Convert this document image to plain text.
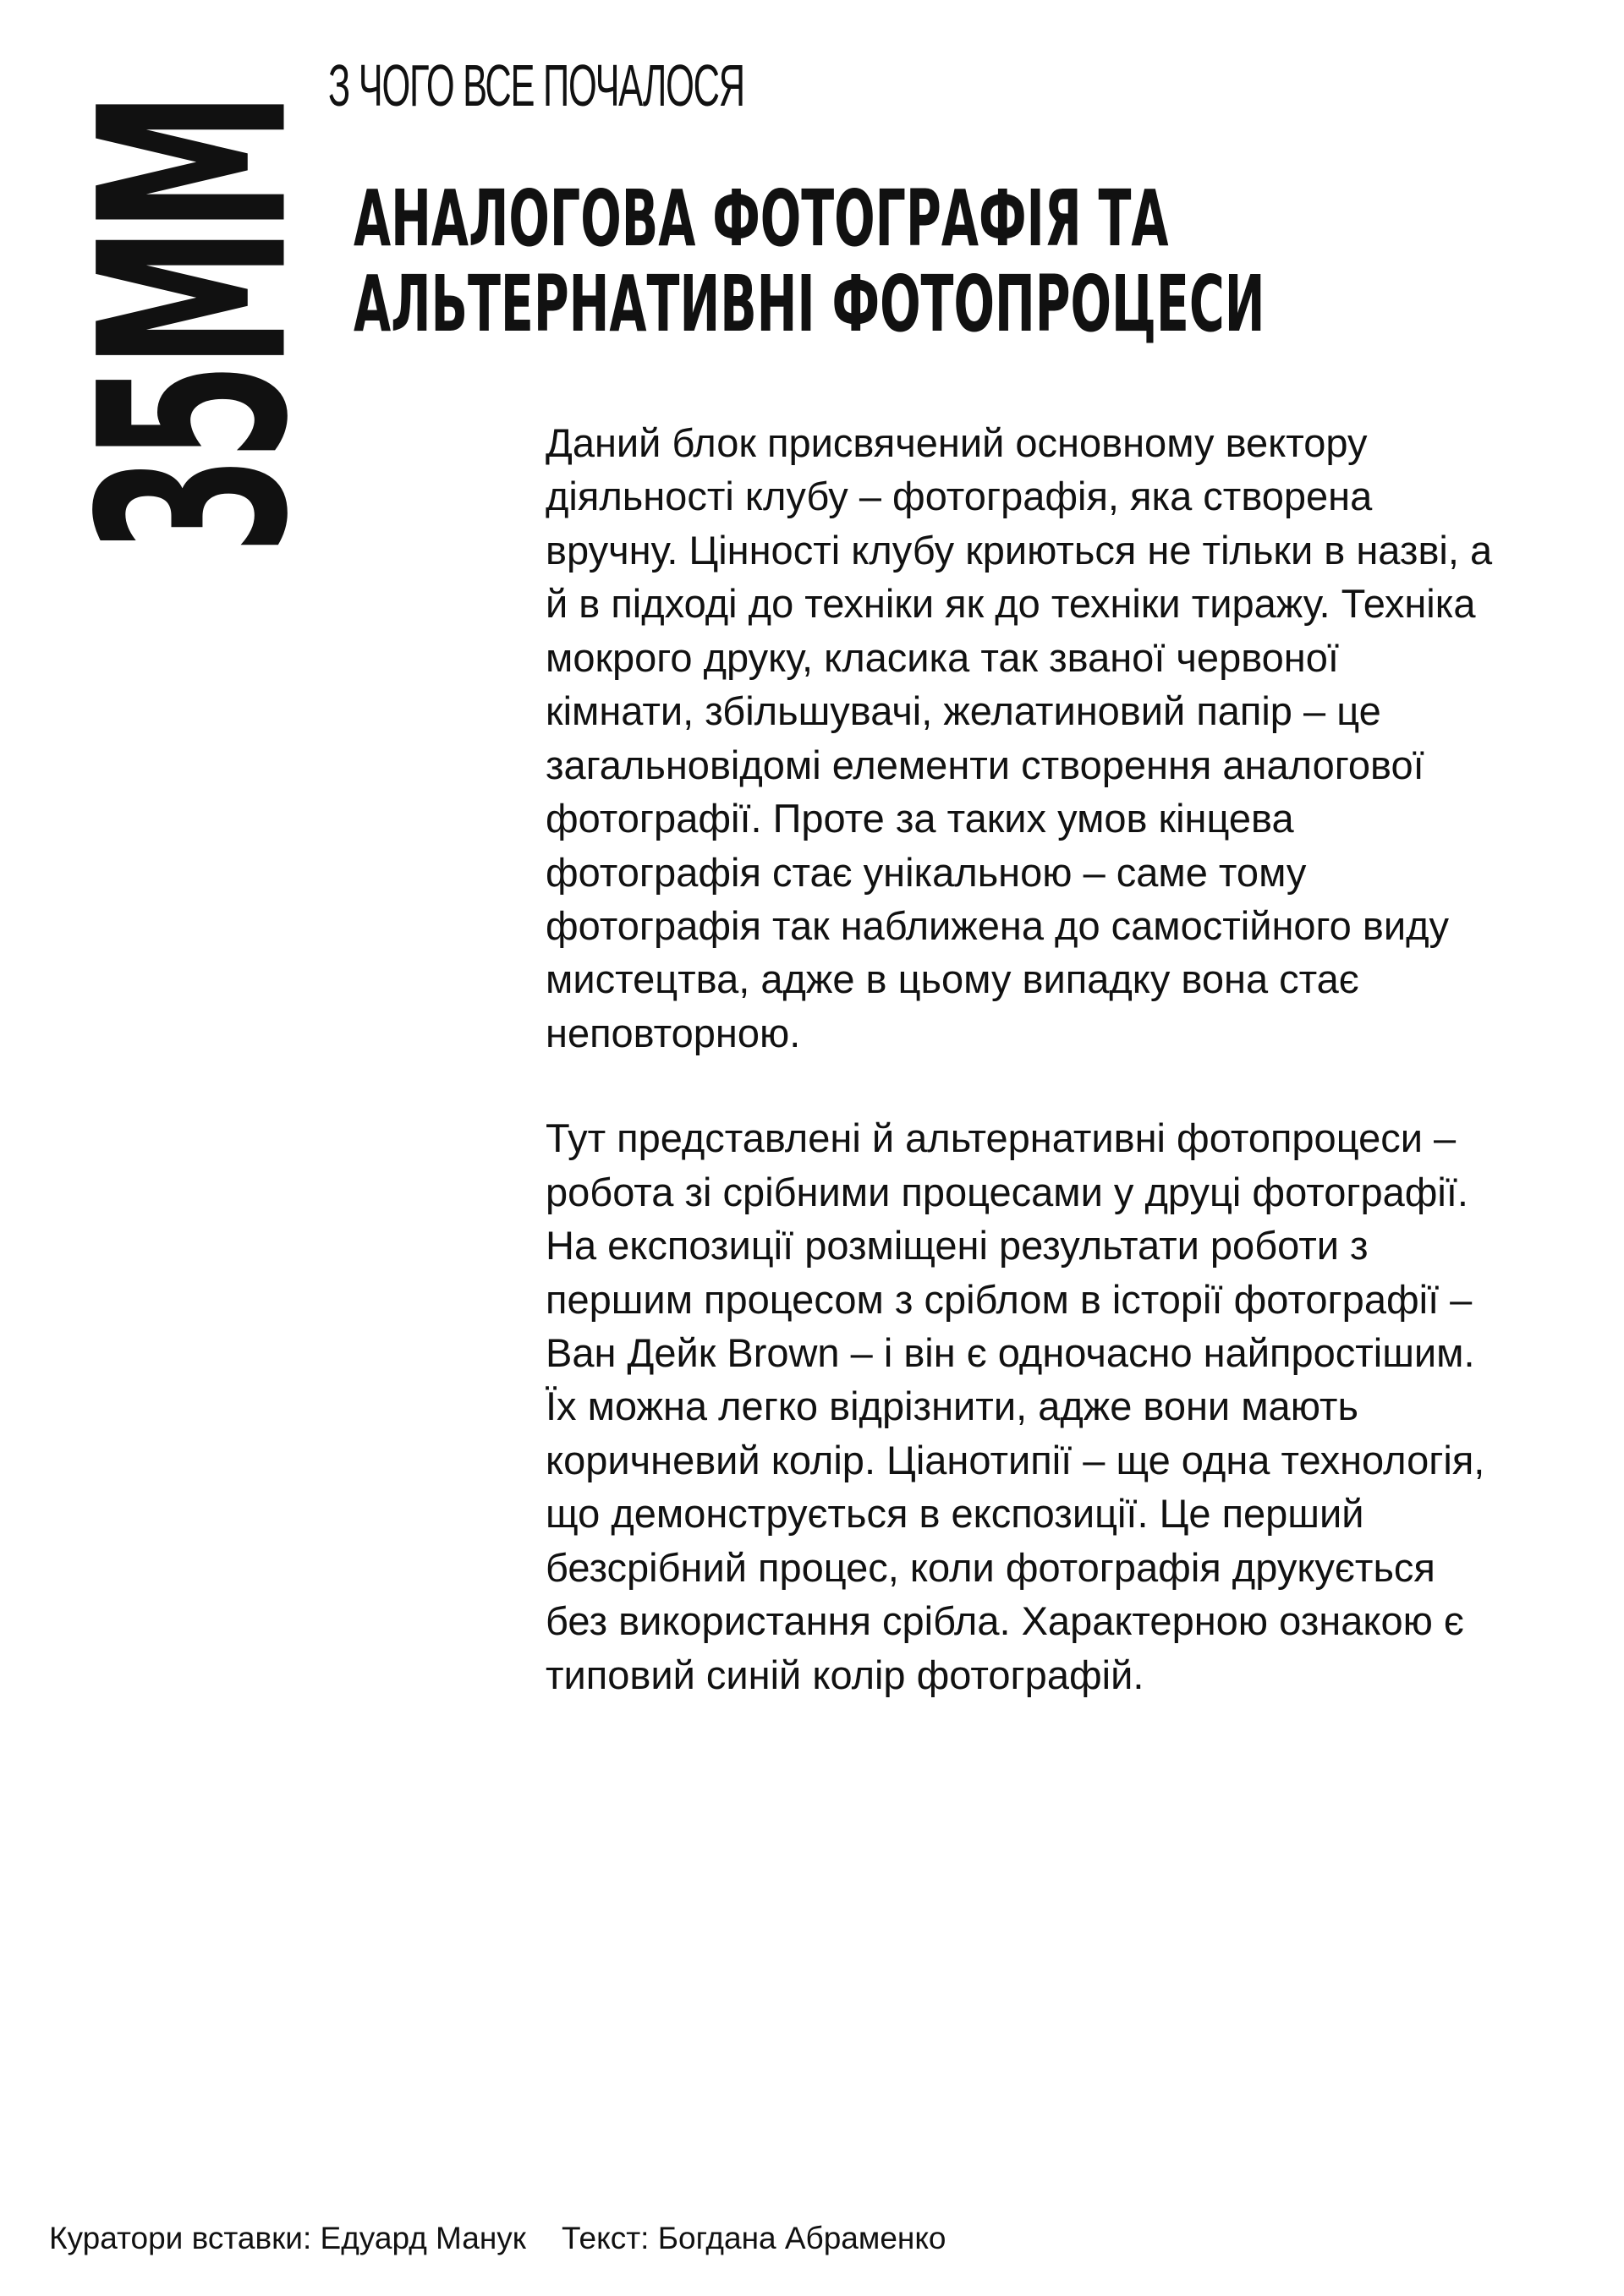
35ММ
З ЧОГО ВСЕ ПОЧАЛОСЯ
АНАЛОГОВА ФОТОГРАФІЯ ТА
АЛЬТЕРНАТИВНІ ФОТОПРОЦЕСИ

Даний блок присвячений основному вектору діяльності клубу – фотографія, яка створена вручну. Цінності клубу криються не тільки в назві, а й в підході до техніки як до техніки тиражу. Техніка мокрого друку, класика так званої червоної кімнати, збільшувачі, желатиновий папір – це загальновідомі елементи створення аналогової фотографії. Проте за таких умов кінцева фотографія стає унікальною – саме тому фотографія так наближена до самостійного виду мистецтва, адже в цьому випадку вона стає неповторною.

Тут представлені й альтернативні фотопроцеси – робота зі срібними процесами у друці фотографії. На експозиції розміщені результати роботи з першим процесом з сріблом в історії фотографії – Ван Дейк Brown – і він є одночасно найпростішим. Їх можна легко відрізнити, адже вони мають коричневий колір. Ціанотипії – ще одна технологія, що демонструється в експозиції. Це перший безсрібний процес, коли фотографія друкується без використання срібла. Характерною ознакою є типовий синій колір фотографій.

Куратори вставки: Едуард Манук Текст: Богдана Абраменко
